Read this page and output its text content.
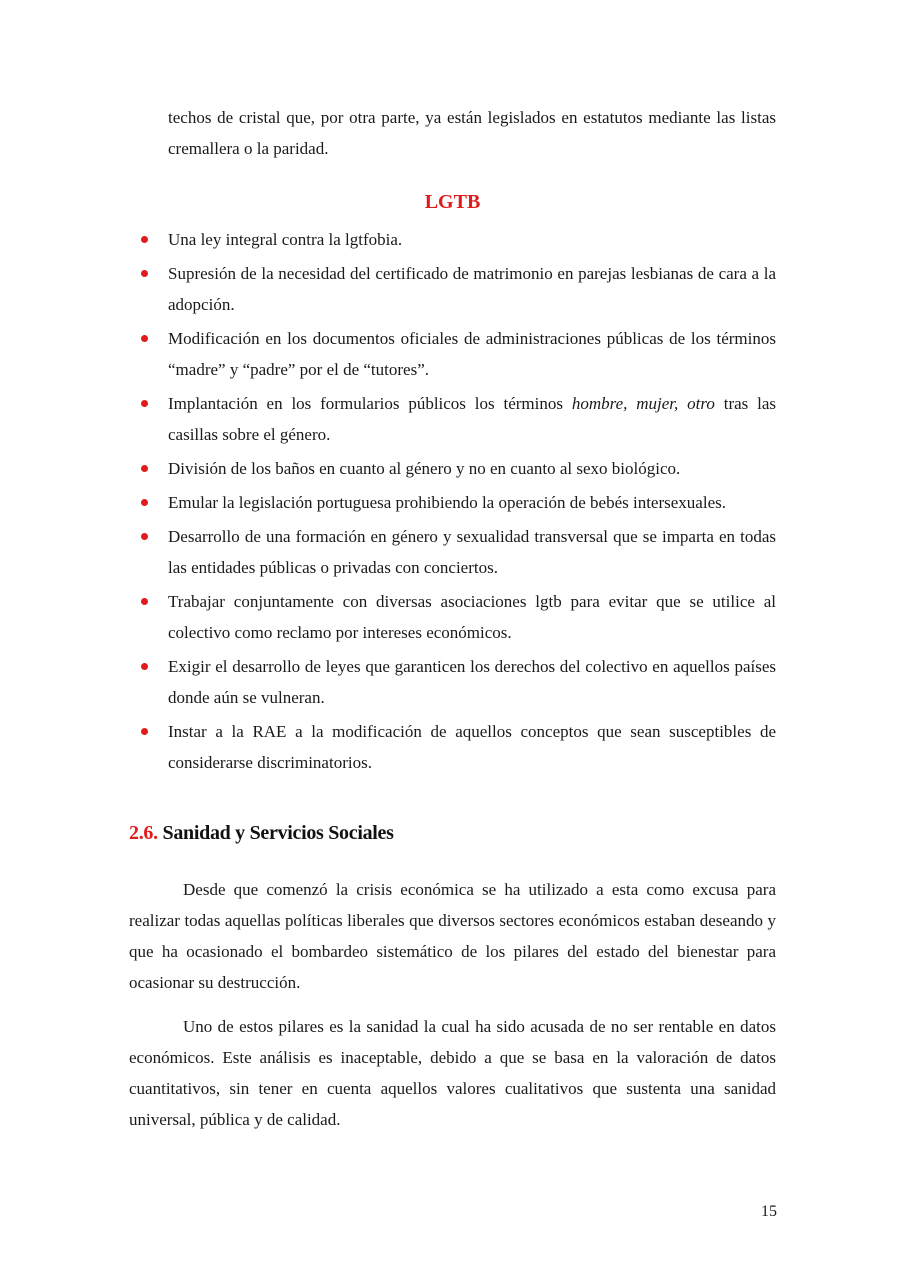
techos de cristal que, por otra parte, ya están legislados en estatutos mediante las listas cremallera o la paridad.

LGTB
Una ley integral contra la lgtfobia.
Supresión de la necesidad del certificado de matrimonio en parejas lesbianas de cara a la adopción.
Modificación en los documentos oficiales de administraciones públicas de los términos “madre” y “padre” por el de “tutores”.
Implantación en los formularios públicos los términos hombre, mujer, otro tras las casillas sobre el género.
División de los baños en cuanto al género y no en cuanto al sexo biológico.
Emular la legislación portuguesa prohibiendo la operación de bebés intersexuales.
Desarrollo de una formación en género y sexualidad transversal que se imparta en todas las entidades públicas o privadas con conciertos.
Trabajar conjuntamente con diversas asociaciones lgtb para evitar que se utilice al colectivo como reclamo por intereses económicos.
Exigir el desarrollo de leyes que garanticen los derechos del colectivo en aquellos países donde aún se vulneran.
Instar a la RAE a la modificación de aquellos conceptos que sean susceptibles de considerarse discriminatorios.
2.6. Sanidad y Servicios Sociales

Desde que comenzó la crisis económica se ha utilizado a esta como excusa para realizar todas aquellas políticas liberales que diversos sectores económicos estaban deseando y que ha ocasionado el bombardeo sistemático de los pilares del estado del bienestar para ocasionar su destrucción.

Uno de estos pilares es la sanidad la cual ha sido acusada de no ser rentable en datos económicos. Este análisis es inaceptable, debido a que se basa en la valoración de datos cuantitativos, sin tener en cuenta aquellos valores cualitativos que sustenta una sanidad universal, pública y de calidad.

15
